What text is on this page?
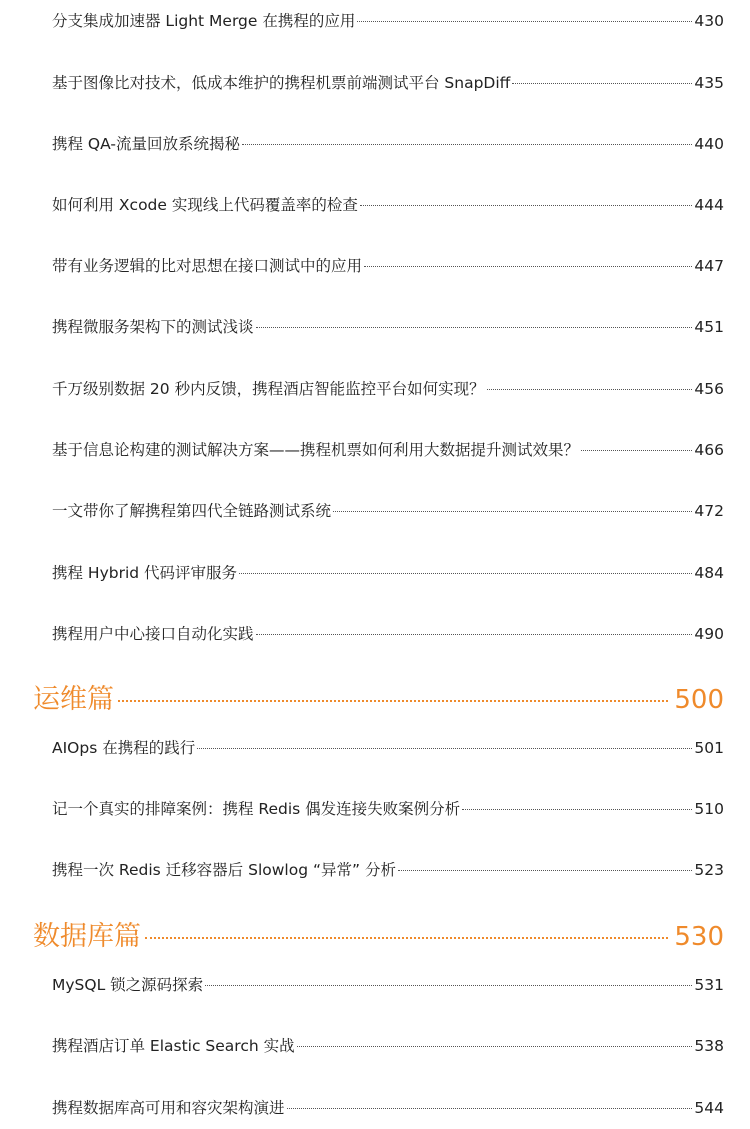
分支集成加速器 Light Merge 在携程的应用	430
基于图像比对技术，低成本维护的携程机票前端测试平台 SnapDiff	435
携程 QA-流量回放系统揭秘	440
如何利用 Xcode 实现线上代码覆盖率的检查	444
带有业务逻辑的比对思想在接口测试中的应用	447
携程微服务架构下的测试浅谈	451
千万级别数据 20 秒内反馈，携程酒店智能监控平台如何实现？	456
基于信息论构建的测试解决方案——携程机票如何利用大数据提升测试效果？	466
一文带你了解携程第四代全链路测试系统	472
携程 Hybrid 代码评审服务	484
携程用户中心接口自动化实践	490
运维篇	500
AIOps 在携程的践行	501
记一个真实的排障案例：携程 Redis 偶发连接失败案例分析	510
携程一次 Redis 迁移容器后 Slowlog “异常” 分析	523
数据库篇	530
MySQL 锁之源码探索	531
携程酒店订单 Elastic Search 实战	538
携程数据库高可用和容灾架构演进	544
